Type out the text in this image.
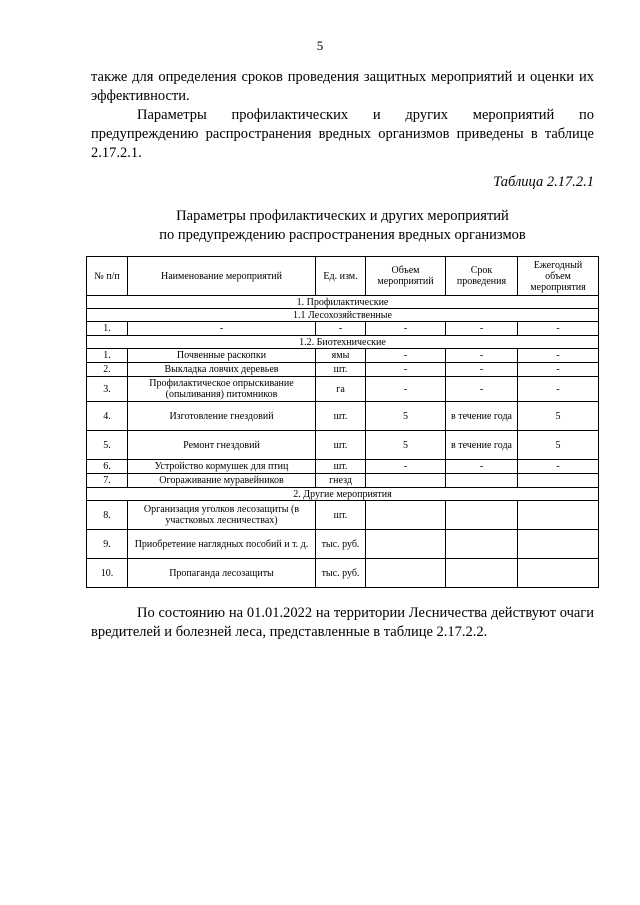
5

также для определения сроков проведения защитных мероприятий и оценки их эффективности.

Параметры профилактических и других мероприятий по предупреждению распространения вредных организмов приведены в таблице 2.17.2.1.

Таблица 2.17.2.1
Параметры профилактических и других мероприятий
по предупреждению распространения вредных организмов
№ п/п	Наименование мероприятий	Ед. изм.	Объем мероприятий	Срок проведения	Ежегодный объем мероприятия
1. Профилактические					
1.1 Лесохозяйственные					
1.	-	-	-	-	-
1.2. Биотехнические					
1.	Почвенные раскопки	ямы	-	-	-
2.	Выкладка ловчих деревьев	шт.	-	-	-
3.	Профилактическое опрыскивание (опыливания) питомников	га	-	-	-
4.	Изготовление гнездовий	шт.	5	в течение года	5
5.	Ремонт гнездовий	шт.	5	в течение года	5
6.	Устройство кормушек для птиц	шт.	-	-	-
7.	Огораживание муравейников	гнезд			
2. Другие мероприятия					
8.	Организация уголков лесозащиты (в участковых лесничествах)	шт.			
9.	Приобретение наглядных пособий и т. д.	тыс. руб.			
10.	Пропаганда лесозащиты	тыс. руб.			

По состоянию на 01.01.2022 на территории Лесничества действуют очаги вредителей и болезней леса, представленные в таблице 2.17.2.2.
